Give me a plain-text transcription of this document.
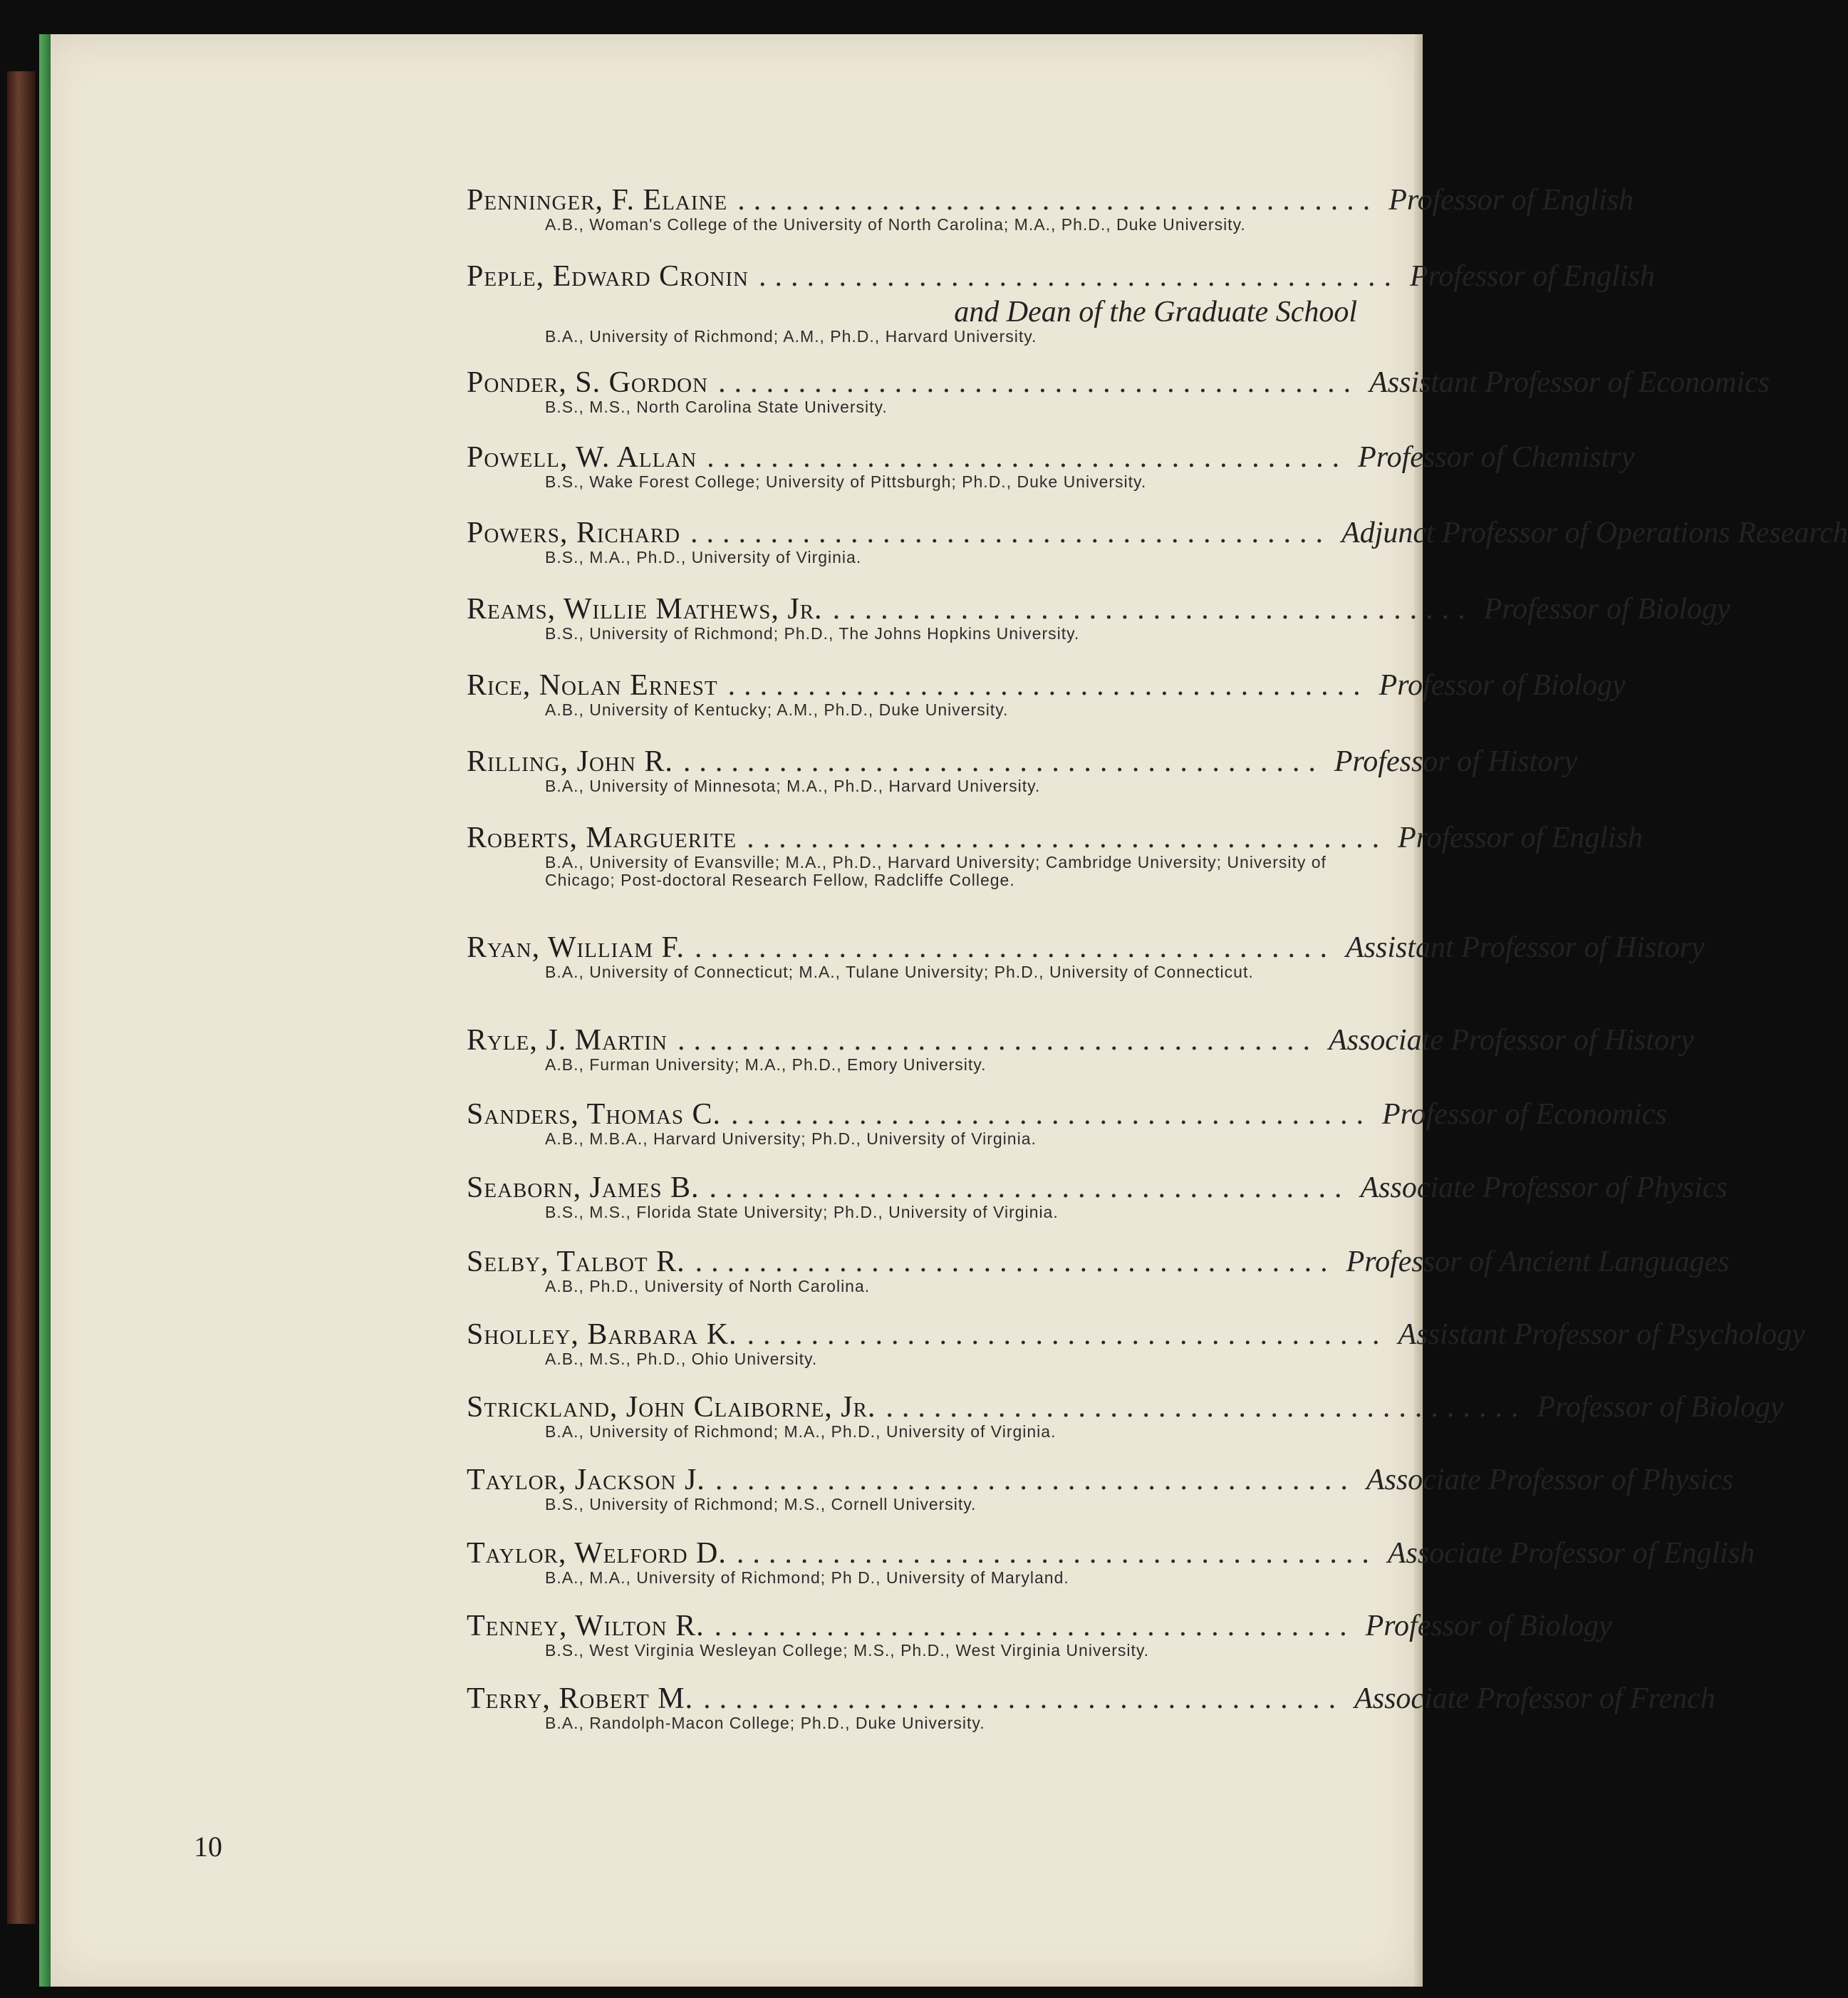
Penninger, F. Elaine ........................................ Professor of English
A.B., Woman's College of the University of North Carolina; M.A., Ph.D., Duke University.
Peple, Edward Cronin ........................................ Professor of English
and Dean of the Graduate School
B.A., University of Richmond; A.M., Ph.D., Harvard University.
Ponder, S. Gordon ........................................ Assistant Professor of Economics
B.S., M.S., North Carolina State University.
Powell, W. Allan ........................................ Professor of Chemistry
B.S., Wake Forest College; University of Pittsburgh; Ph.D., Duke University.
Powers, Richard ........................................ Adjunct Professor of Operations Research
B.S., M.A., Ph.D., University of Virginia.
Reams, Willie Mathews, Jr. ........................................ Professor of Biology
B.S., University of Richmond; Ph.D., The Johns Hopkins University.
Rice, Nolan Ernest ........................................ Professor of Biology
A.B., University of Kentucky; A.M., Ph.D., Duke University.
Rilling, John R. ........................................ Professor of History
B.A., University of Minnesota; M.A., Ph.D., Harvard University.
Roberts, Marguerite ........................................ Professor of English
B.A., University of Evansville; M.A., Ph.D., Harvard University; Cambridge University; University of Chicago; Post-doctoral Research Fellow, Radcliffe College.
Ryan, William F. ........................................ Assistant Professor of History
B.A., University of Connecticut; M.A., Tulane University; Ph.D., University of Connecticut.
Ryle, J. Martin ........................................ Associate Professor of History
A.B., Furman University; M.A., Ph.D., Emory University.
Sanders, Thomas C. ........................................ Professor of Economics
A.B., M.B.A., Harvard University; Ph.D., University of Virginia.
Seaborn, James B. ........................................ Associate Professor of Physics
B.S., M.S., Florida State University; Ph.D., University of Virginia.
Selby, Talbot R. ........................................ Professor of Ancient Languages
A.B., Ph.D., University of North Carolina.
Sholley, Barbara K. ........................................ Assistant Professor of Psychology
A.B., M.S., Ph.D., Ohio University.
Strickland, John Claiborne, Jr. ........................................ Professor of Biology
B.A., University of Richmond; M.A., Ph.D., University of Virginia.
Taylor, Jackson J. ........................................ Associate Professor of Physics
B.S., University of Richmond; M.S., Cornell University.
Taylor, Welford D. ........................................ Associate Professor of English
B.A., M.A., University of Richmond; Ph D., University of Maryland.
Tenney, Wilton R. ........................................ Professor of Biology
B.S., West Virginia Wesleyan College; M.S., Ph.D., West Virginia University.
Terry, Robert M. ........................................ Associate Professor of French
B.A., Randolph-Macon College; Ph.D., Duke University.
10
